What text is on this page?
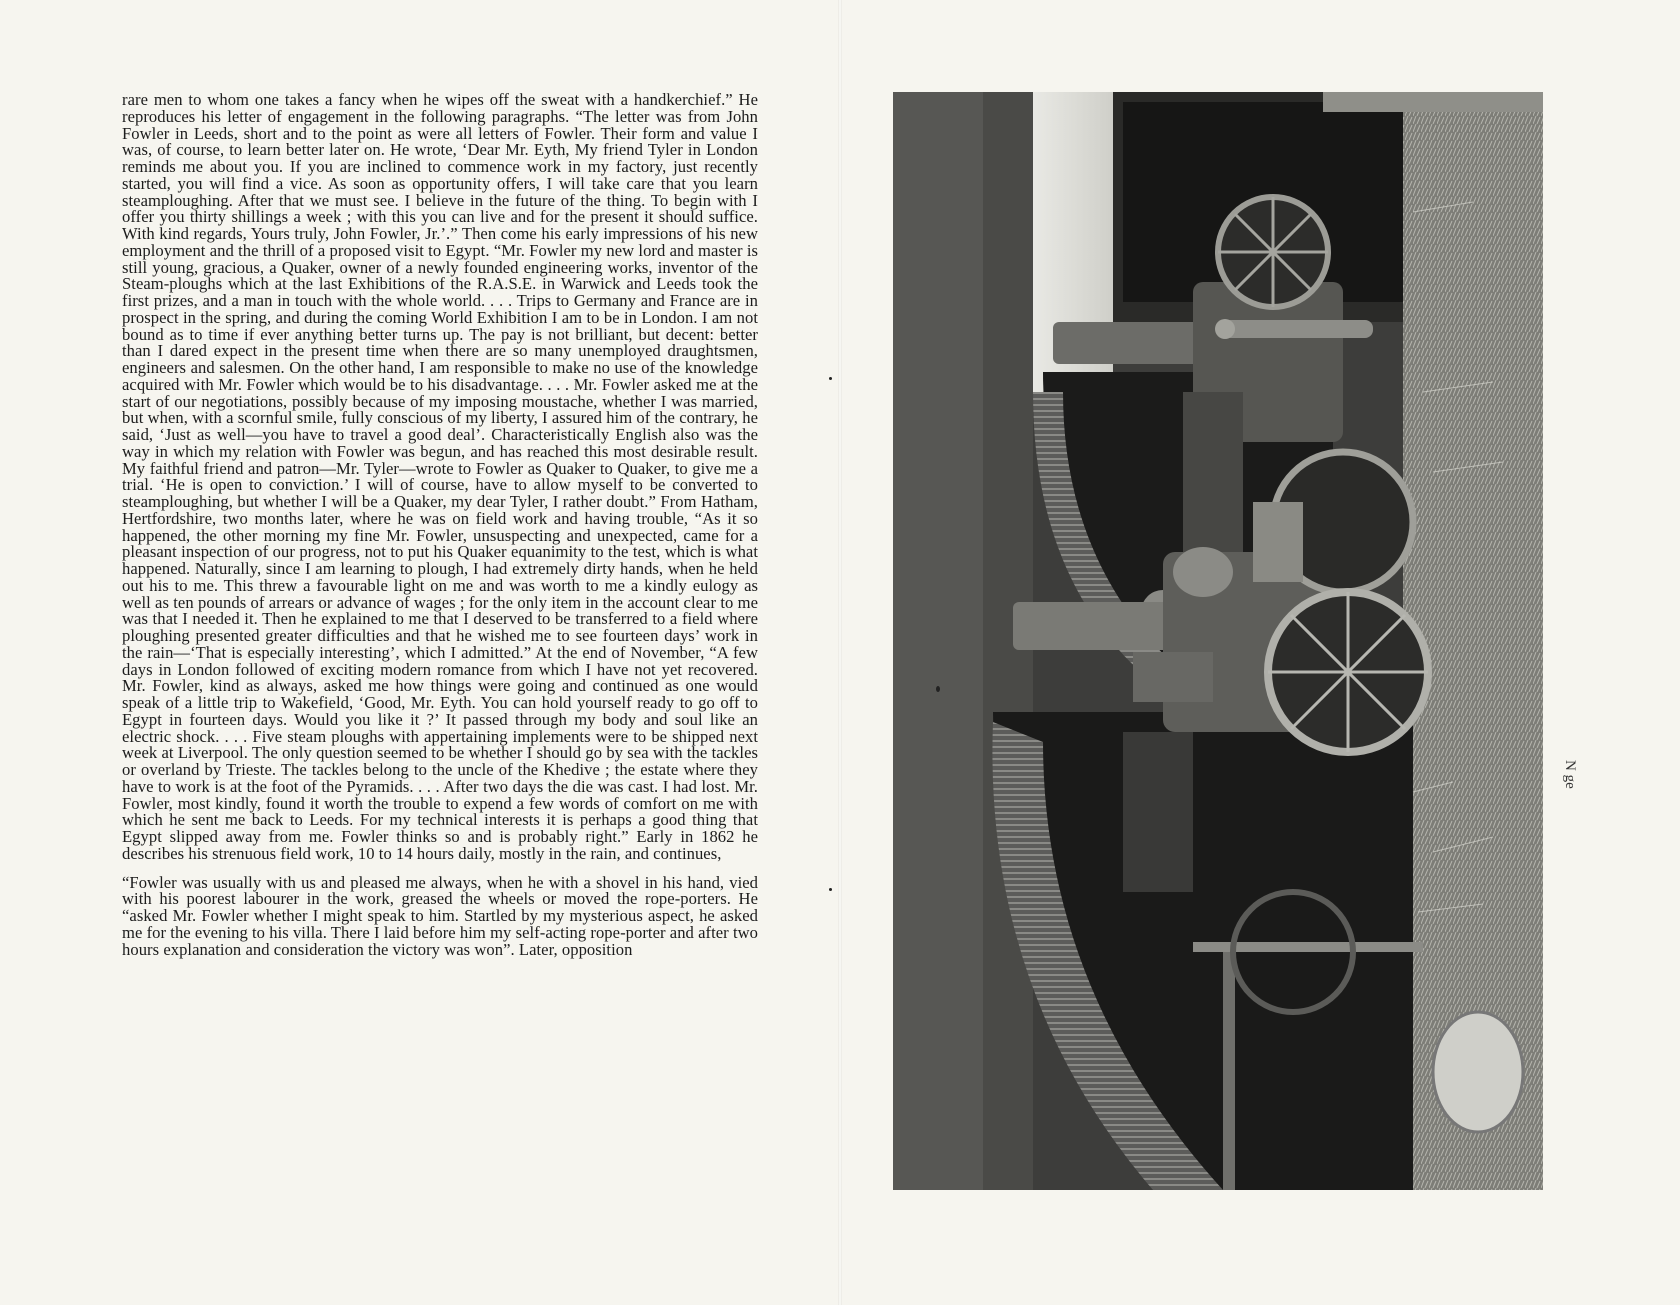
rare men to whom one takes a fancy when he wipes off the sweat with a handkerchief.” He reproduces his letter of engagement in the following paragraphs. “The letter was from John Fowler in Leeds, short and to the point as were all letters of Fowler. Their form and value I was, of course, to learn better later on. He wrote, ‘Dear Mr. Eyth, My friend Tyler in London reminds me about you. If you are inclined to commence work in my factory, just recently started, you will find a vice. As soon as opportunity offers, I will take care that you learn steamploughing. After that we must see. I believe in the future of the thing. To begin with I offer you thirty shillings a week ; with this you can live and for the present it should suffice. With kind regards, Yours truly, John Fowler, Jr.’.” Then come his early impressions of his new employment and the thrill of a proposed visit to Egypt. “Mr. Fowler my new lord and master is still young, gracious, a Quaker, owner of a newly founded engineering works, inventor of the Steam-ploughs which at the last Exhibitions of the R.A.S.E. in Warwick and Leeds took the first prizes, and a man in touch with the whole world. . . . Trips to Germany and France are in prospect in the spring, and during the coming World Exhibition I am to be in London. I am not bound as to time if ever anything better turns up. The pay is not brilliant, but decent: better than I dared expect in the present time when there are so many unemployed draughtsmen, engineers and salesmen. On the other hand, I am responsible to make no use of the knowledge acquired with Mr. Fowler which would be to his disadvantage. . . . Mr. Fowler asked me at the start of our negotiations, possibly because of my imposing moustache, whether I was married, but when, with a scornful smile, fully conscious of my liberty, I assured him of the contrary, he said, ‘Just as well—you have to travel a good deal’. Characteristically English also was the way in which my relation with Fowler was begun, and has reached this most desirable result. My faithful friend and patron—Mr. Tyler—wrote to Fowler as Quaker to Quaker, to give me a trial. ‘He is open to conviction.’ I will of course, have to allow myself to be converted to steamploughing, but whether I will be a Quaker, my dear Tyler, I rather doubt.” From Hatham, Hertfordshire, two months later, where he was on field work and having trouble, “As it so happened, the other morning my fine Mr. Fowler, unsuspecting and unexpected, came for a pleasant inspection of our progress, not to put his Quaker equanimity to the test, which is what happened. Naturally, since I am learning to plough, I had extremely dirty hands, when he held out his to me. This threw a favourable light on me and was worth to me a kindly eulogy as well as ten pounds of arrears or advance of wages ; for the only item in the account clear to me was that I needed it. Then he explained to me that I deserved to be transferred to a field where ploughing presented greater difficulties and that he wished me to see fourteen days’ work in the rain—‘That is especially interesting’, which I admitted.” At the end of November, “A few days in London followed of exciting modern romance from which I have not yet recovered. Mr. Fowler, kind as always, asked me how things were going and continued as one would speak of a little trip to Wakefield, ‘Good, Mr. Eyth. You can hold yourself ready to go off to Egypt in fourteen days. Would you like it ?’ It passed through my body and soul like an electric shock. . . . Five steam ploughs with appertaining implements were to be shipped next week at Liverpool. The only question seemed to be whether I should go by sea with the tackles or overland by Trieste. The tackles belong to the uncle of the Khedive ; the estate where they have to work is at the foot of the Pyramids. . . . After two days the die was cast. I had lost. Mr. Fowler, most kindly, found it worth the trouble to expend a few words of comfort on me with which he sent me back to Leeds. For my technical interests it is perhaps a good thing that Egypt slipped away from me. Fowler thinks so and is probably right.” Early in 1862 he describes his strenuous field work, 10 to 14 hours daily, mostly in the rain, and continues,

“Fowler was usually with us and pleased me always, when he with a shovel in his hand, vied with his poorest labourer in the work, greased the wheels or moved the rope-porters. He “asked Mr. Fowler whether I might speak to him. Startled by my mysterious aspect, he asked me for the evening to his villa. There I laid before him my self-acting rope-porter and after two hours explanation and consideration the victory was won”. Later, opposition

N ge
